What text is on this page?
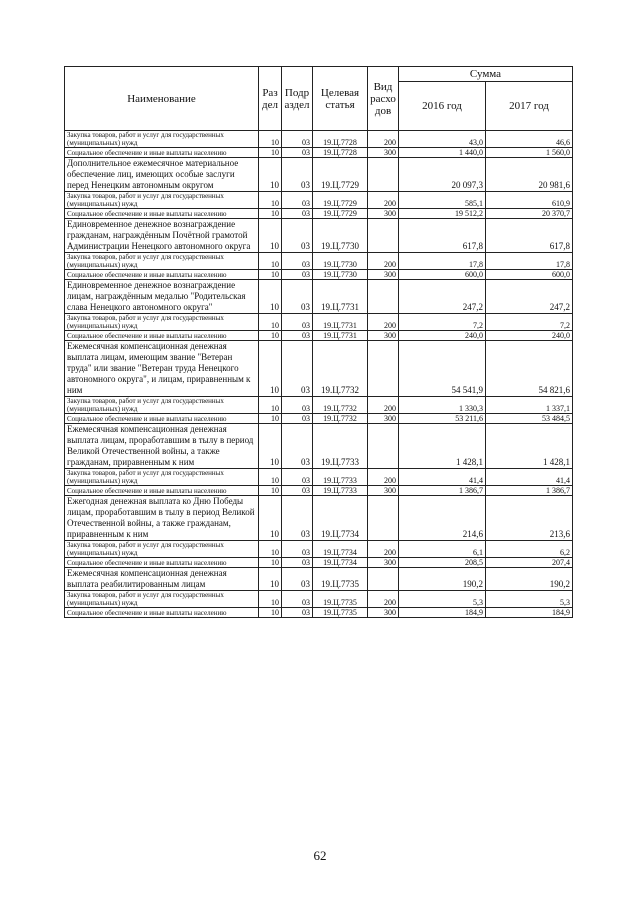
Наименование	Раз дел	Подр аздел	Целевая статья	Вид расхо дов	Сумма	
					2016 год	2017 год
Закупка товаров, работ и услуг для государственных (муниципальных) нужд	10	03	19.Ц.7728	200	43,0	46,6
Социальное обеспечение и иные выплаты населению	10	03	19.Ц.7728	300	1 440,0	1 560,0
Дополнительное ежемесячное материальное обеспечение лиц, имеющих особые заслуги перед Ненецким автономным округом	10	03	19.Ц.7729		20 097,3	20 981,6
Закупка товаров, работ и услуг для государственных (муниципальных) нужд	10	03	19.Ц.7729	200	585,1	610,9
Социальное обеспечение и иные выплаты населению	10	03	19.Ц.7729	300	19 512,2	20 370,7
Единовременное денежное вознаграждение гражданам, награждённым Почётной грамотой Администрации Ненецкого автономного округа	10	03	19.Ц.7730		617,8	617,8
Закупка товаров, работ и услуг для государственных (муниципальных) нужд	10	03	19.Ц.7730	200	17,8	17,8
Социальное обеспечение и иные выплаты населению	10	03	19.Ц.7730	300	600,0	600,0
Единовременное денежное вознаграждение лицам, награждённым медалью "Родительская слава Ненецкого автономного округа"	10	03	19.Ц.7731		247,2	247,2
Закупка товаров, работ и услуг для государственных (муниципальных) нужд	10	03	19.Ц.7731	200	7,2	7,2
Социальное обеспечение и иные выплаты населению	10	03	19.Ц.7731	300	240,0	240,0
Ежемесячная компенсационная денежная выплата лицам, имеющим звание "Ветеран труда" или звание "Ветеран труда Ненецкого автономного округа", и лицам, приравненным к ним	10	03	19.Ц.7732		54 541,9	54 821,6
Закупка товаров, работ и услуг для государственных (муниципальных) нужд	10	03	19.Ц.7732	200	1 330,3	1 337,1
Социальное обеспечение и иные выплаты населению	10	03	19.Ц.7732	300	53 211,6	53 484,5
Ежемесячная компенсационная денежная выплата лицам, проработавшим в тылу в период Великой Отечественной войны, а также гражданам, приравненным к ним	10	03	19.Ц.7733		1 428,1	1 428,1
Закупка товаров, работ и услуг для государственных (муниципальных) нужд	10	03	19.Ц.7733	200	41,4	41,4
Социальное обеспечение и иные выплаты населению	10	03	19.Ц.7733	300	1 386,7	1 386,7
Ежегодная денежная выплата ко Дню Победы лицам, проработавшим в тылу в период Великой Отечественной войны, а также гражданам, приравненным к ним	10	03	19.Ц.7734		214,6	213,6
Закупка товаров, работ и услуг для государственных (муниципальных) нужд	10	03	19.Ц.7734	200	6,1	6,2
Социальное обеспечение и иные выплаты населению	10	03	19.Ц.7734	300	208,5	207,4
Ежемесячная компенсационная денежная выплата реабилитированным лицам	10	03	19.Ц.7735		190,2	190,2
Закупка товаров, работ и услуг для государственных (муниципальных) нужд	10	03	19.Ц.7735	200	5,3	5,3
Социальное обеспечение и иные выплаты населению	10	03	19.Ц.7735	300	184,9	184,9
62
